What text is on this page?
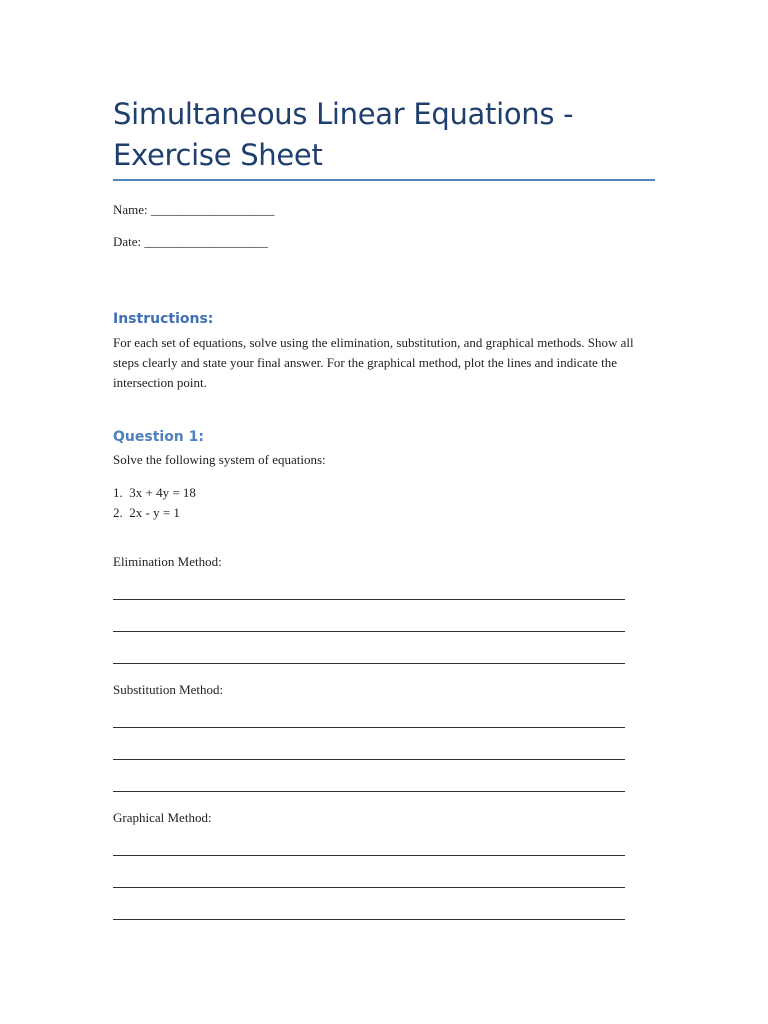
Simultaneous Linear Equations - Exercise Sheet
Name: ___________________
Date: ___________________
Instructions:

For each set of equations, solve using the elimination, substitution, and graphical methods. Show all steps clearly and state your final answer. For the graphical method, plot the lines and indicate the intersection point.

Question 1:

Solve the following system of equations:

1.  3x + 4y = 18
2.  2x - y = 1

Elimination Method:

Substitution Method:

Graphical Method:
